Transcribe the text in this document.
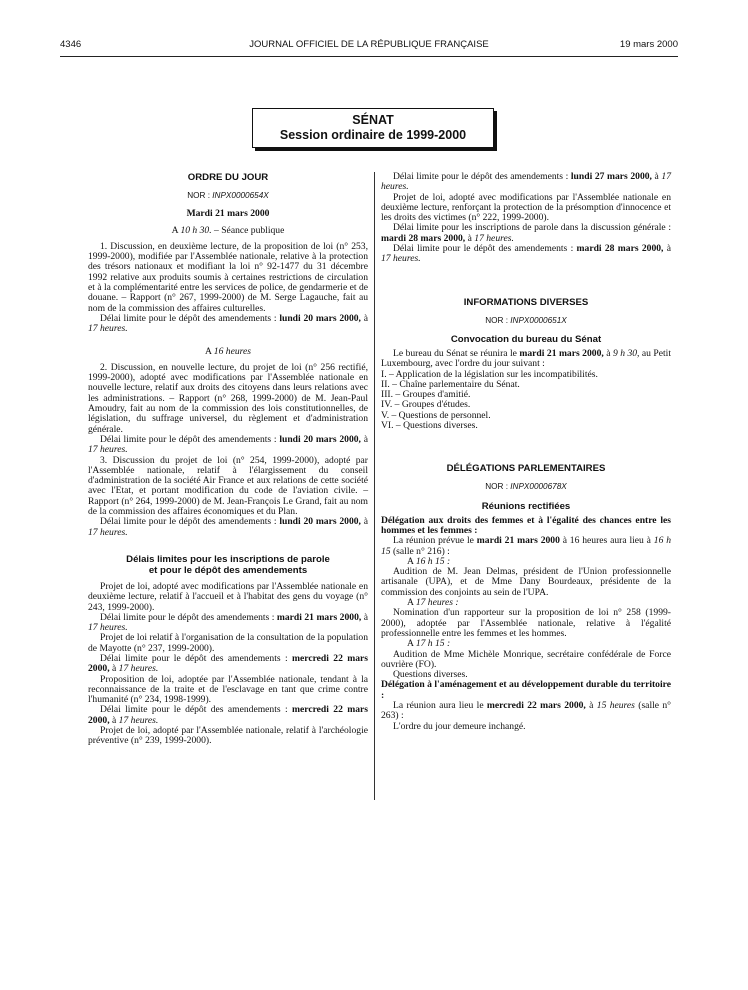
4346	JOURNAL OFFICIEL DE LA RÉPUBLIQUE FRANÇAISE	19 mars 2000
SÉNAT
Session ordinaire de 1999-2000

ORDRE DU JOUR

NOR : INPX0000654X

Mardi 21 mars 2000

A 10 h 30. – Séance publique

1. Discussion, en deuxième lecture, de la proposition de loi (n° 253, 1999-2000), modifiée par l'Assemblée nationale, relative à la protection des trésors nationaux et modifiant la loi n° 92-1477 du 31 décembre 1992 relative aux produits soumis à certaines restrictions de circulation et à la complémentarité entre les services de police, de gendarmerie et de douane. – Rapport (n° 267, 1999-2000) de M. Serge Lagauche, fait au nom de la commission des affaires culturelles.

Délai limite pour le dépôt des amendements : lundi 20 mars 2000, à 17 heures.

A 16 heures

2. Discussion, en nouvelle lecture, du projet de loi (n° 256 rectifié, 1999-2000), adopté avec modifications par l'Assemblée nationale en nouvelle lecture, relatif aux droits des citoyens dans leurs relations avec les administrations. – Rapport (n° 268, 1999-2000) de M. Jean-Paul Amoudry, fait au nom de la commission des lois constitutionnelles, de législation, du suffrage universel, du règlement et d'administration générale.

Délai limite pour le dépôt des amendements : lundi 20 mars 2000, à 17 heures.

3. Discussion du projet de loi (n° 254, 1999-2000), adopté par l'Assemblée nationale, relatif à l'élargissement du conseil d'administration de la société Air France et aux relations de cette société avec l'Etat, et portant modification du code de l'aviation civile. – Rapport (n° 264, 1999-2000) de M. Jean-François Le Grand, fait au nom de la commission des affaires économiques et du Plan.

Délai limite pour le dépôt des amendements : lundi 20 mars 2000, à 17 heures.

Délais limites pour les inscriptions de parole

et pour le dépôt des amendements

Projet de loi, adopté avec modifications par l'Assemblée nationale en deuxième lecture, relatif à l'accueil et à l'habitat des gens du voyage (n° 243, 1999-2000).

Délai limite pour le dépôt des amendements : mardi 21 mars 2000, à 17 heures.

Projet de loi relatif à l'organisation de la consultation de la population de Mayotte (n° 237, 1999-2000).

Délai limite pour le dépôt des amendements : mercredi 22 mars 2000, à 17 heures.

Proposition de loi, adoptée par l'Assemblée nationale, tendant à la reconnaissance de la traite et de l'esclavage en tant que crime contre l'humanité (n° 234, 1998-1999).

Délai limite pour le dépôt des amendements : mercredi 22 mars 2000, à 17 heures.

Projet de loi, adopté par l'Assemblée nationale, relatif à l'archéologie préventive (n° 239, 1999-2000).

Délai limite pour le dépôt des amendements : lundi 27 mars 2000, à 17 heures.

Projet de loi, adopté avec modifications par l'Assemblée nationale en deuxième lecture, renforçant la protection de la présomption d'innocence et les droits des victimes (n° 222, 1999-2000).

Délai limite pour les inscriptions de parole dans la discussion générale : mardi 28 mars 2000, à 17 heures.

Délai limite pour le dépôt des amendements : mardi 28 mars 2000, à 17 heures.

INFORMATIONS DIVERSES

NOR : INPX0000651X

Convocation du bureau du Sénat

Le bureau du Sénat se réunira le mardi 21 mars 2000, à 9 h 30, au Petit Luxembourg, avec l'ordre du jour suivant :

I. – Application de la législation sur les incompatibilités.

II. – Chaîne parlementaire du Sénat.

III. – Groupes d'amitié.

IV. – Groupes d'études.

V. – Questions de personnel.

VI. – Questions diverses.

DÉLÉGATIONS PARLEMENTAIRES

NOR : INPX0000678X

Réunions rectifiées

Délégation aux droits des femmes et à l'égalité des chances entre les hommes et les femmes :

La réunion prévue le mardi 21 mars 2000 à 16 heures aura lieu à 16 h 15 (salle n° 216) :

A 16 h 15 :

Audition de M. Jean Delmas, président de l'Union professionnelle artisanale (UPA), et de Mme Dany Bourdeaux, présidente de la commission des conjoints au sein de l'UPA.

A 17 heures :

Nomination d'un rapporteur sur la proposition de loi n° 258 (1999-2000), adoptée par l'Assemblée nationale, relative à l'égalité professionnelle entre les femmes et les hommes.

A 17 h 15 :

Audition de Mme Michèle Monrique, secrétaire confédérale de Force ouvrière (FO).

Questions diverses.

Délégation à l'aménagement et au développement durable du territoire :

La réunion aura lieu le mercredi 22 mars 2000, à 15 heures (salle n° 263) :

L'ordre du jour demeure inchangé.
